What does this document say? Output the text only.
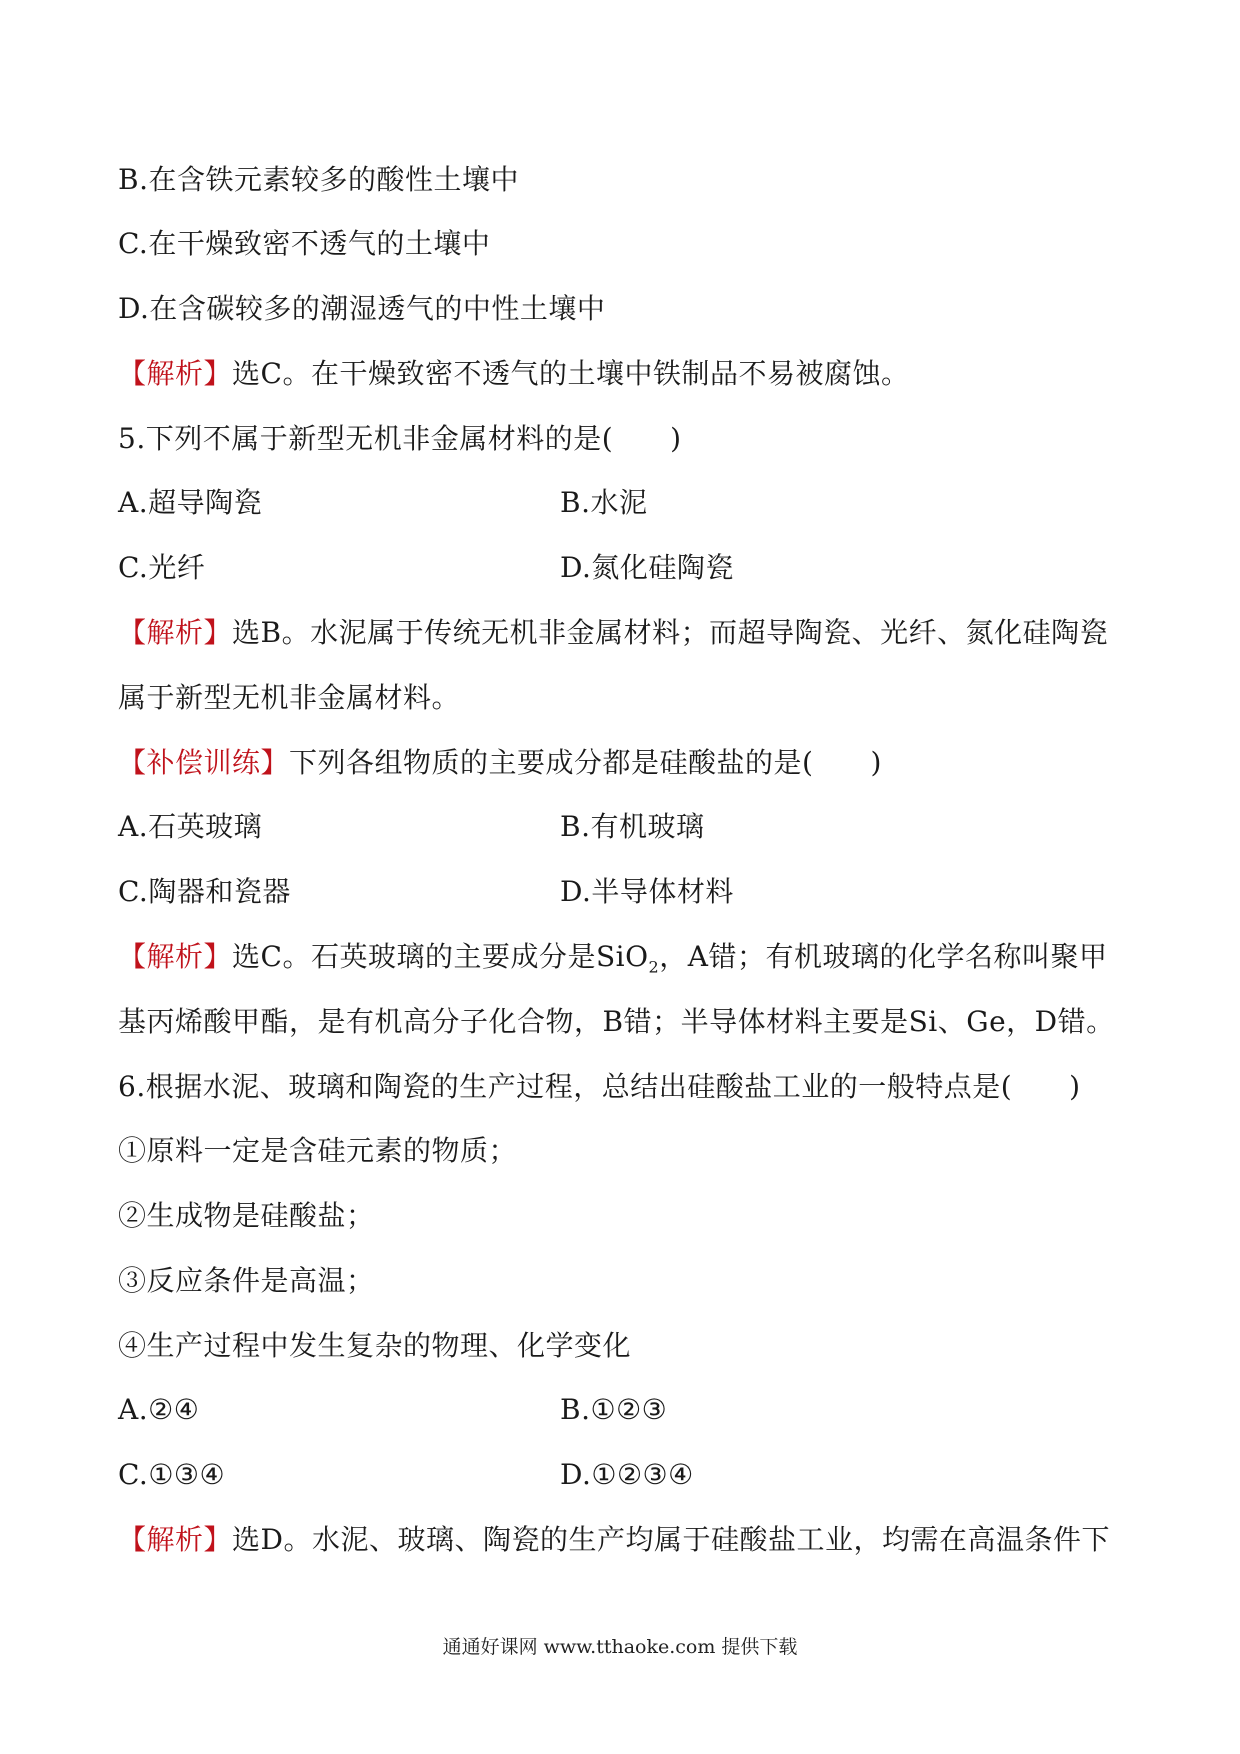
B.在含铁元素较多的酸性土壤中
C.在干燥致密不透气的土壤中
D.在含碳较多的潮湿透气的中性土壤中
【解析】选C。在干燥致密不透气的土壤中铁制品不易被腐蚀。
5.下列不属于新型无机非金属材料的是(　　)
A.超导陶瓷	B.水泥
C.光纤	D.氮化硅陶瓷
【解析】选B。水泥属于传统无机非金属材料；而超导陶瓷、光纤、氮化硅陶瓷
属于新型无机非金属材料。
【补偿训练】下列各组物质的主要成分都是硅酸盐的是(　　)
A.石英玻璃	B.有机玻璃
C.陶器和瓷器	D.半导体材料
【解析】选C。石英玻璃的主要成分是SiO$_2$，A错；有机玻璃的化学名称叫聚甲
基丙烯酸甲酯，是有机高分子化合物，B错；半导体材料主要是Si、Ge，D错。
6.根据水泥、玻璃和陶瓷的生产过程，总结出硅酸盐工业的一般特点是(　　)
①原料一定是含硅元素的物质；
②生成物是硅酸盐；
③反应条件是高温；
④生产过程中发生复杂的物理、化学变化
A.②④	B.①②③
C.①③④	D.①②③④
【解析】选D。水泥、玻璃、陶瓷的生产均属于硅酸盐工业，均需在高温条件下
通通好课网 www.tthaoke.com 提供下载
